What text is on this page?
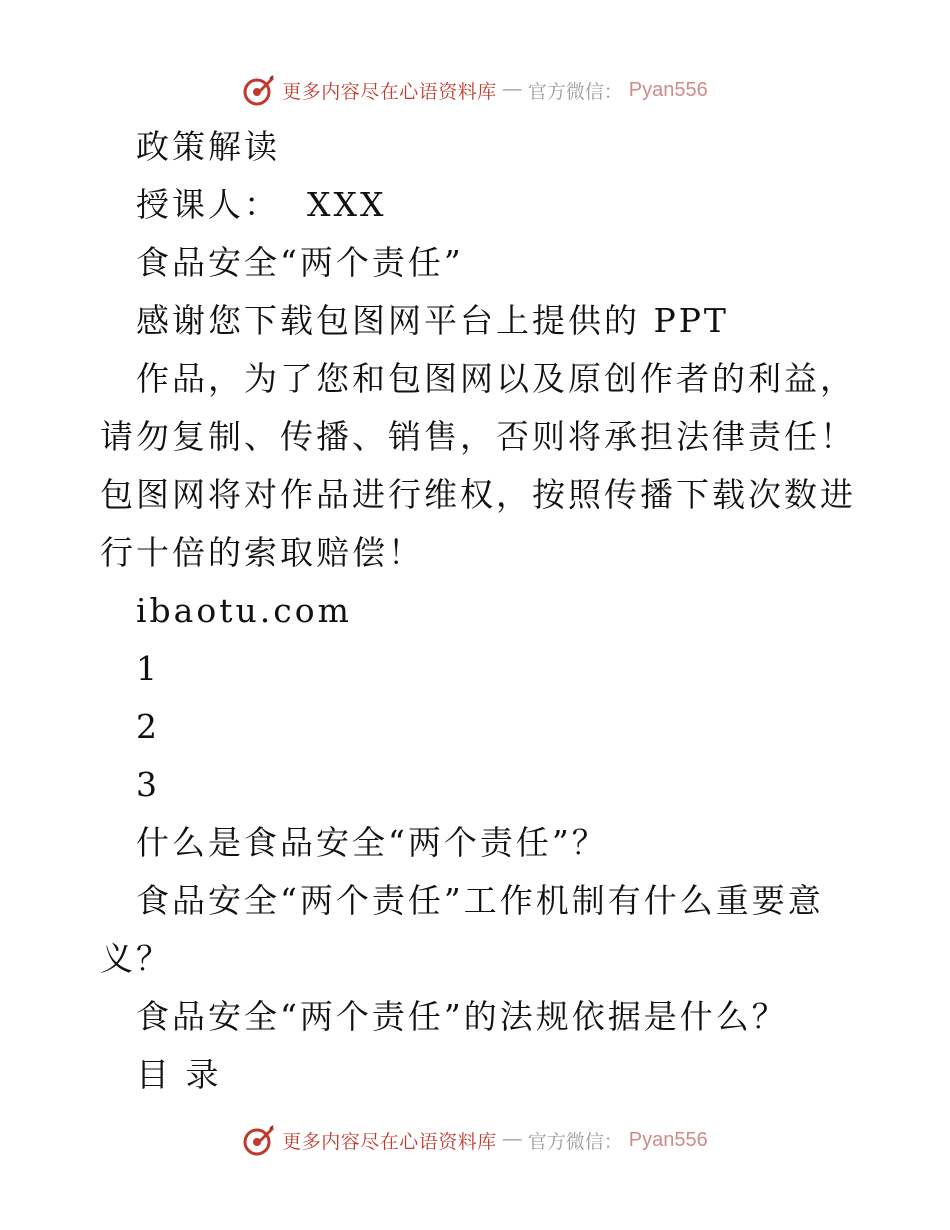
更多内容尽在心语资料库 — 官方微信： Pyan556

政策解读

授课人：  XXX

食品安全“两个责任”

感谢您下载包图网平台上提供的 PPT

作品，为了您和包图网以及原创作者的利益，请勿复制、传播、销售，否则将承担法律责任！包图网将对作品进行维权，按照传播下载次数进行十倍的索取赔偿！

ibaotu.com

1

2

3

什么是食品安全“两个责任”？

食品安全“两个责任”工作机制有什么重要意义？

食品安全“两个责任”的法规依据是什么？

目 录

更多内容尽在心语资料库 — 官方微信： Pyan556
